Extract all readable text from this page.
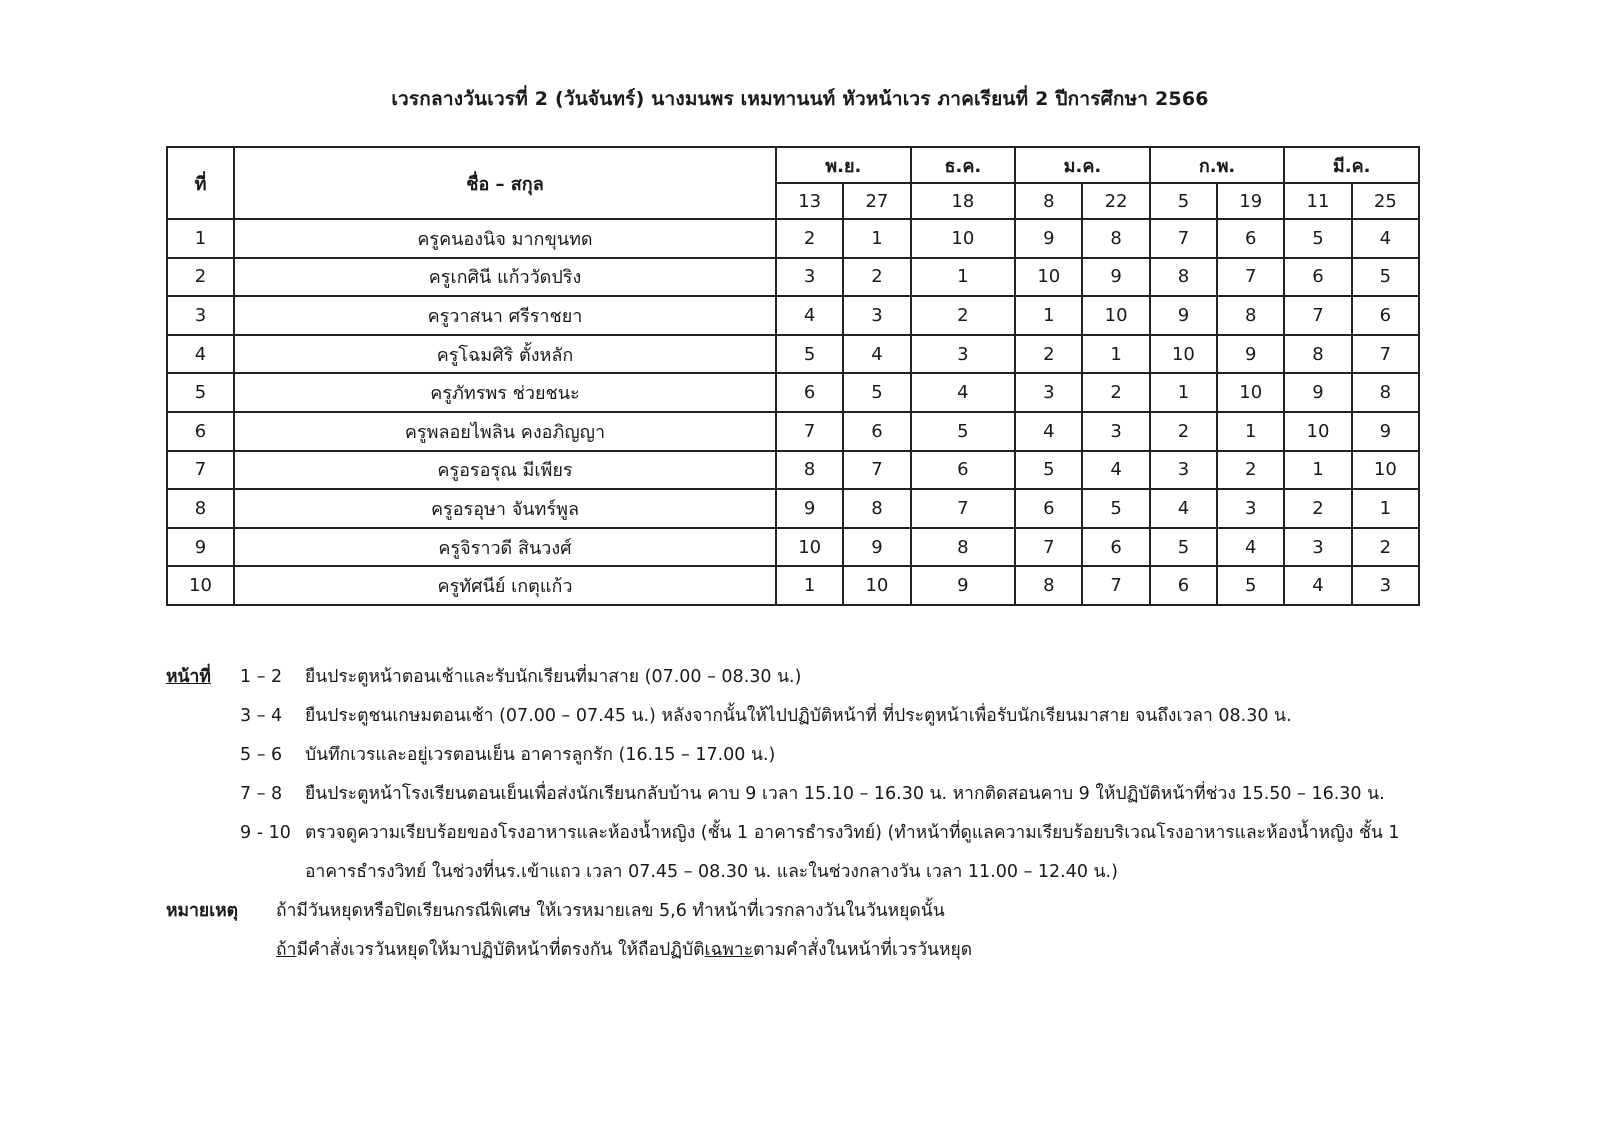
เวรกลางวันเวรที่ 2 (วันจันทร์) นางมนพร เหมทานนท์ หัวหน้าเวร ภาคเรียนที่ 2 ปีการศึกษา 2566
ที่	ชื่อ – สกุล	พ.ย.		ธ.ค.	ม.ค.		ก.พ.		มี.ค.	
		13	27	18	8	22	5	19	11	25
1	ครูคนองนิจ มากขุนทด	2	1	10	9	8	7	6	5	4
2	ครูเกศินี แก้ววัดปริง	3	2	1	10	9	8	7	6	5
3	ครูวาสนา ศรีราชยา	4	3	2	1	10	9	8	7	6
4	ครูโฉมศิริ ตั้งหลัก	5	4	3	2	1	10	9	8	7
5	ครูภัทรพร ช่วยชนะ	6	5	4	3	2	1	10	9	8
6	ครูพลอยไพลิน คงอภิญญา	7	6	5	4	3	2	1	10	9
7	ครูอรอรุณ มีเพียร	8	7	6	5	4	3	2	1	10
8	ครูอรอุษา จันทร์พูล	9	8	7	6	5	4	3	2	1
9	ครูจิราวดี สินวงศ์	10	9	8	7	6	5	4	3	2
10	ครูทัศนีย์ เกตุแก้ว	1	10	9	8	7	6	5	4	3
หน้าที่	1 – 2	ยืนประตูหน้าตอนเช้าและรับนักเรียนที่มาสาย (07.00 – 08.30 น.)
3 – 4	ยืนประตูชนเกษมตอนเช้า (07.00 – 07.45 น.) หลังจากนั้นให้ไปปฏิบัติหน้าที่ ที่ประตูหน้าเพื่อรับนักเรียนมาสาย จนถึงเวลา 08.30 น.
5 – 6	บันทึกเวรและอยู่เวรตอนเย็น อาคารลูกรัก (16.15 – 17.00 น.)
7 – 8	ยืนประตูหน้าโรงเรียนตอนเย็นเพื่อส่งนักเรียนกลับบ้าน คาบ 9 เวลา 15.10 – 16.30 น. หากติดสอนคาบ 9 ให้ปฏิบัติหน้าที่ช่วง 15.50 – 16.30 น.
9 - 10 ตรวจดูความเรียบร้อยของโรงอาหารและห้องน้ำหญิง (ชั้น 1 อาคารธำรงวิทย์) (ทำหน้าที่ดูแลความเรียบร้อยบริเวณโรงอาหารและห้องน้ำหญิง ชั้น 1 อาคารธำรงวิทย์ ในช่วงที่นร.เข้าแถว เวลา 07.45 – 08.30 น. และในช่วงกลางวัน เวลา 11.00 – 12.40 น.)
หมายเหตุ	ถ้ามีวันหยุดหรือปิดเรียนกรณีพิเศษ ให้เวรหมายเลข 5,6 ทำหน้าที่เวรกลางวันในวันหยุดนั้น
ถ้ามีคำสั่งเวรวันหยุดให้มาปฏิบัติหน้าที่ตรงกัน ให้ถือปฏิบัติเฉพาะตามคำสั่งในหน้าที่เวรวันหยุด
